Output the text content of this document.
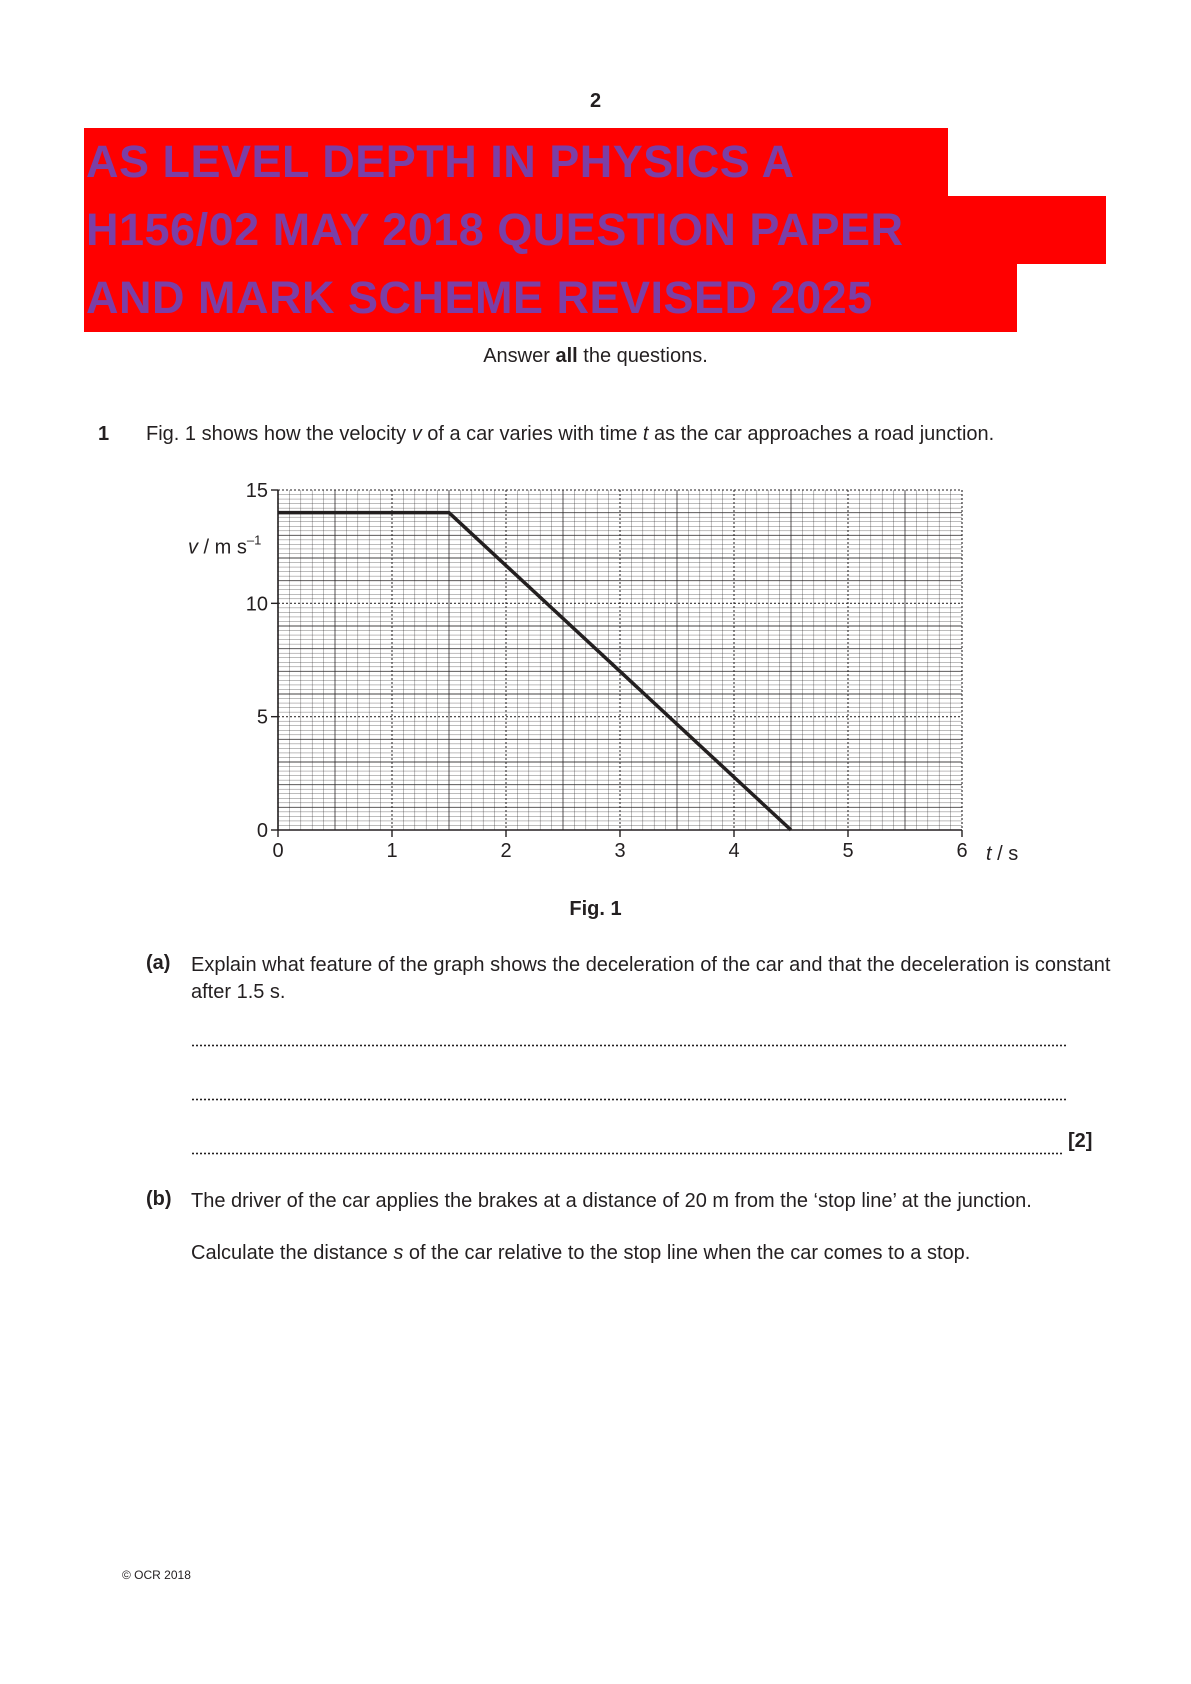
2
AS LEVEL DEPTH IN PHYSICS A
H156/02 MAY 2018 QUESTION PAPER
AND MARK SCHEME REVISED 2025
Answer all the questions.
1 Fig. 1 shows how the velocity v of a car varies with time t as the car approaches a road junction.
0	1	2	3	4	5	6
0
5
10
15
t / s
v / m $s^{-1}$
Fig. 1
(a) Explain what feature of the graph shows the deceleration of the car and that the deceleration is constant after 1.5 s.
[2]
(b) The driver of the car applies the brakes at a distance of 20 m from the ‘stop line’ at the junction.
Calculate the distance s of the car relative to the stop line when the car comes to a stop.
© OCR 2018
